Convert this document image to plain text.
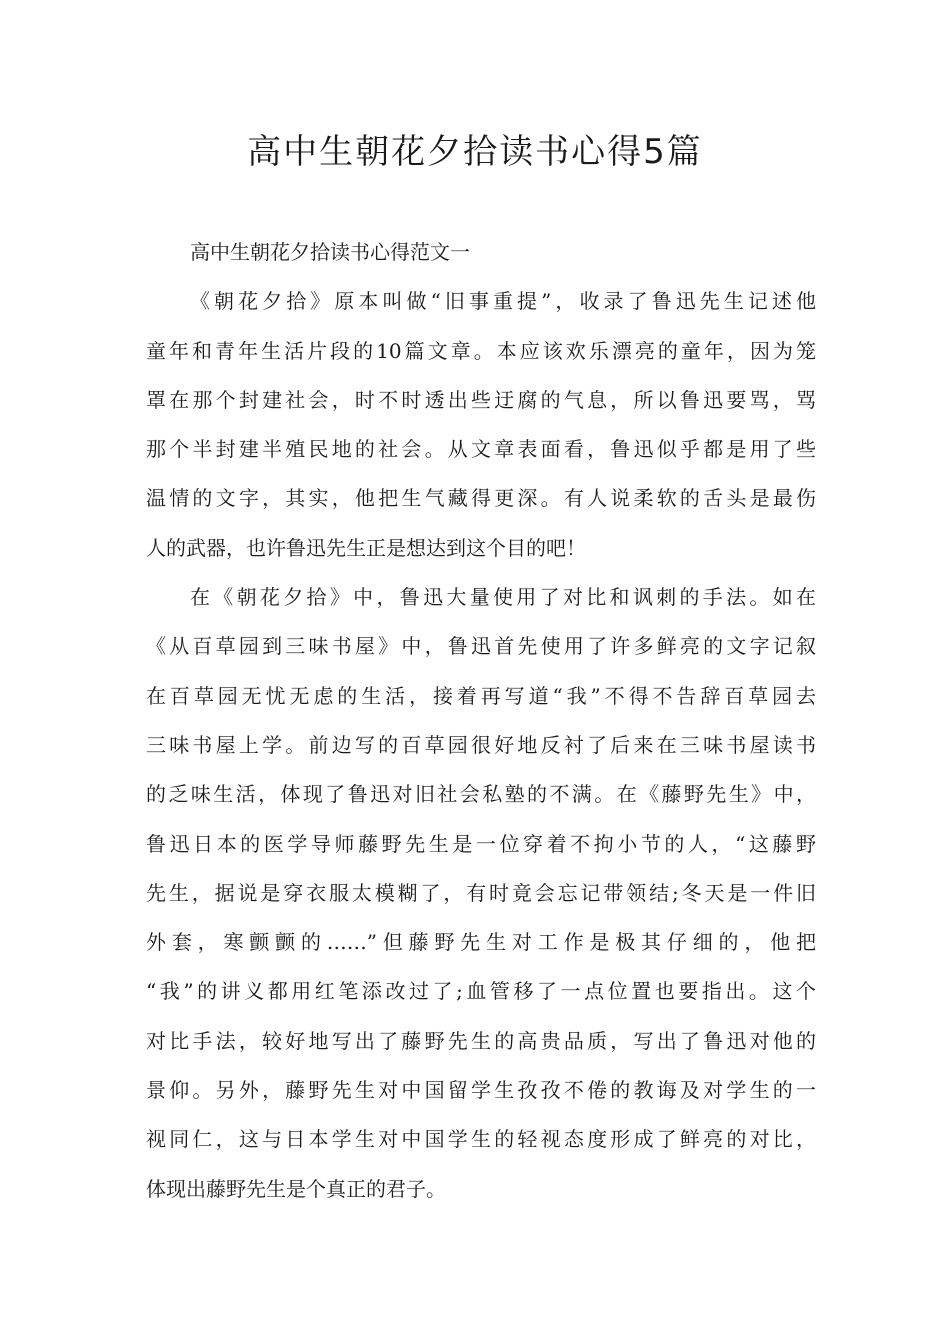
高中生朝花夕拾读书心得5篇
高中生朝花夕拾读书心得范文一
《朝花夕拾》原本叫做“旧事重提”，收录了鲁迅先生记述他
童年和青年生活片段的10篇文章。本应该欢乐漂亮的童年，因为笼
罩在那个封建社会，时不时透出些迂腐的气息，所以鲁迅要骂，骂
那个半封建半殖民地的社会。从文章表面看，鲁迅似乎都是用了些
温情的文字，其实，他把生气藏得更深。有人说柔软的舌头是最伤
人的武器，也许鲁迅先生正是想达到这个目的吧！
在《朝花夕拾》中，鲁迅大量使用了对比和讽刺的手法。如在
《从百草园到三味书屋》中，鲁迅首先使用了许多鲜亮的文字记叙
在百草园无忧无虑的生活，接着再写道“我”不得不告辞百草园去
三味书屋上学。前边写的百草园很好地反衬了后来在三味书屋读书
的乏味生活，体现了鲁迅对旧社会私塾的不满。在《藤野先生》中，
鲁迅日本的医学导师藤野先生是一位穿着不拘小节的人，“这藤野
先生，据说是穿衣服太模糊了，有时竟会忘记带领结;冬天是一件旧
外套，寒颤颤的……”但藤野先生对工作是极其仔细的，他把
“我”的讲义都用红笔添改过了;血管移了一点位置也要指出。这个
对比手法，较好地写出了藤野先生的高贵品质，写出了鲁迅对他的
景仰。另外，藤野先生对中国留学生孜孜不倦的教诲及对学生的一
视同仁，这与日本学生对中国学生的轻视态度形成了鲜亮的对比，
体现出藤野先生是个真正的君子。
